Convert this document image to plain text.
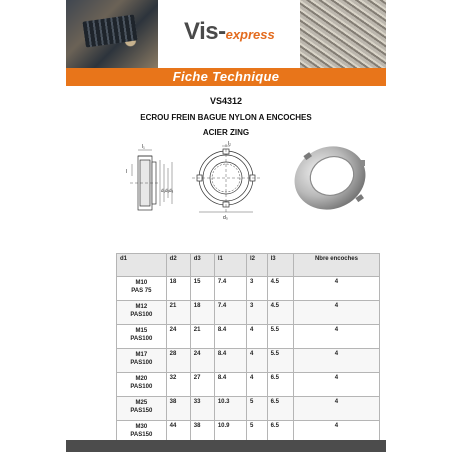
Vis-express
Fiche Technique
VS4312
ECROU FREIN BAGUE NYLON A ENCOCHES
ACIER ZING
l₁
l
d₁ d₂ d₃
l₂
d₃
d1	d2	d3	l1	l2	l3	Nbre encoches
M10
PAS 75	18	15	7.4	3	4.5	4
M12
PAS100	21	18	7.4	3	4.5	4
M15
PAS100	24	21	8.4	4	5.5	4
M17
PAS100	28	24	8.4	4	5.5	4
M20
PAS100	32	27	8.4	4	6.5	4
M25
PAS150	38	33	10.3	5	6.5	4
M30
PAS150	44	38	10.9	5	6.5	4
